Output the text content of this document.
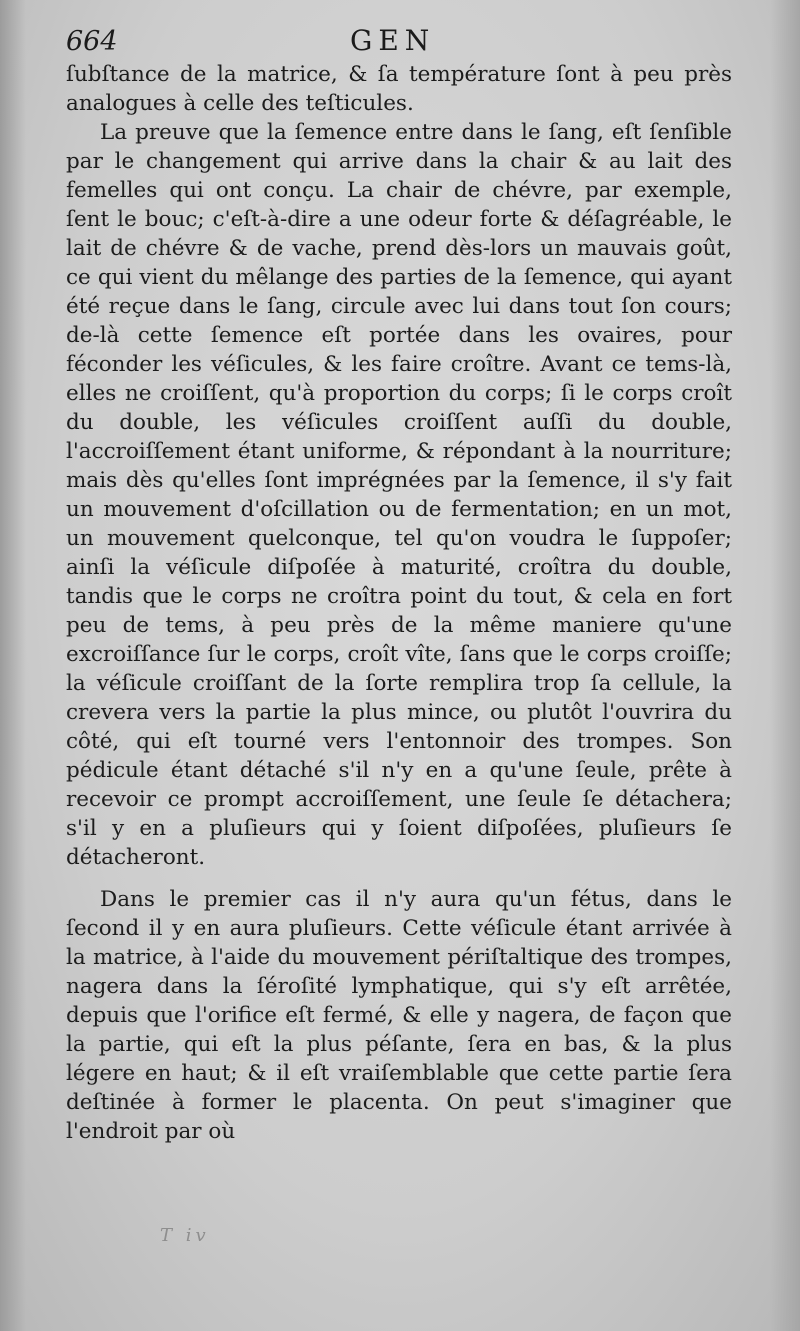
664	GEN

ſubſtance de la matrice, & ſa température ſont à peu près analogues à celle des teſticules.

La preuve que la ſemence entre dans le ſang, eſt ſenſible par le changement qui arrive dans la chair & au lait des femelles qui ont conçu. La chair de chévre, par exemple, ſent le bouc; c'eſt-à-dire a une odeur forte & déſagréable, le lait de chévre & de vache, prend dès-lors un mauvais goût, ce qui vient du mêlange des parties de la ſemence, qui ayant été reçue dans le ſang, circule avec lui dans tout ſon cours; de-là cette ſemence eſt portée dans les ovaires, pour féconder les véſicules, & les faire croître. Avant ce tems-là, elles ne croiſſent, qu'à proportion du corps; ſi le corps croît du double, les véſicules croiſſent auſſi du double, l'accroiſſement étant uniforme, & répondant à la nourriture; mais dès qu'elles ſont imprégnées par la ſemence, il s'y fait un mouvement d'oſcillation ou de fermentation; en un mot, un mouvement quelconque, tel qu'on voudra le ſuppoſer; ainſi la véſicule diſpoſée à maturité, croîtra du double, tandis que le corps ne croîtra point du tout, & cela en fort peu de tems, à peu près de la même maniere qu'une excroiſſance ſur le corps, croît vîte, ſans que le corps croiſſe; la véſicule croiſſant de la ſorte remplira trop ſa cellule, la crevera vers la partie la plus mince, ou plutôt l'ouvrira du côté, qui eſt tourné vers l'entonnoir des trompes. Son pédicule étant détaché s'il n'y en a qu'une ſeule, prête à recevoir ce prompt accroiſſement, une ſeule ſe détachera; s'il y en a pluſieurs qui y ſoient diſpoſées, pluſieurs ſe détacheront.

Dans le premier cas il n'y aura qu'un fétus, dans le ſecond il y en aura pluſieurs. Cette véſicule étant arrivée à la matrice, à l'aide du mouvement périſtaltique des trompes, nagera dans la ſéroſité lymphatique, qui s'y eſt arrêtée, depuis que l'orifice eſt fermé, & elle y nagera, de façon que la partie, qui eſt la plus péſante, ſera en bas, & la plus légere en haut; & il eſt vraiſemblable que cette partie ſera deſtinée à former le placenta. On peut s'imaginer que l'endroit par où

T iv
